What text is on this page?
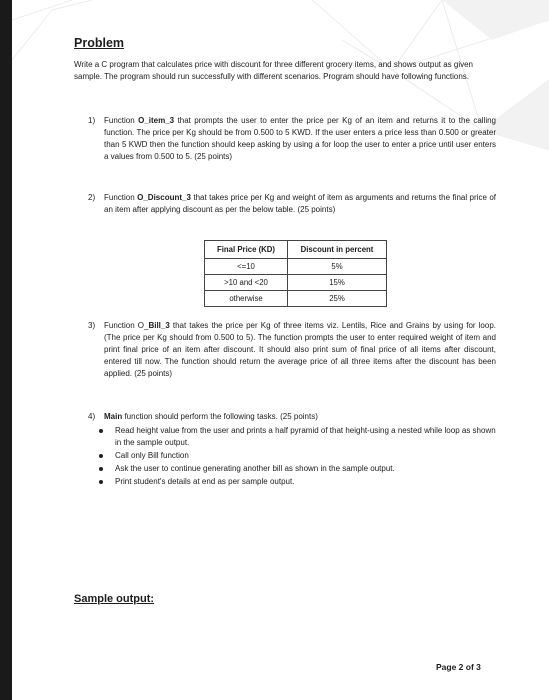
Problem

Write a C program that calculates price with discount for three different grocery items, and shows output as given sample. The program should run successfully with different scenarios. Program should have following functions.

1) Function O_item_3 that prompts the user to enter the price per Kg of an item and returns it to the calling function. The price per Kg should be from 0.500 to 5 KWD. If the user enters a price less than 0.500 or greater than 5 KWD then the function should keep asking by using a for loop the user to enter a price until user enters a values from 0.500 to 5. (25 points)
2) Function O_Discount_3 that takes price per Kg and weight of item as arguments and returns the final price of an item after applying discount as per the below table. (25 points)
Final Price (KD)	Discount in percent
<=10	5%
>10 and <20	15%
otherwise	25%
3) Function O_Bill_3 that takes the price per Kg of three items viz. Lentils, Rice and Grains by using for loop. (The price per Kg should from 0.500 to 5). The function prompts the user to enter required weight of item and print final price of an item after discount. It should also print sum of final price of all items after discount, entered till now. The function should return the average price of all three items after the discount has been applied. (25 points)
4) Main function should perform the following tasks. (25 points)
Read height value from the user and prints a half pyramid of that height-using a nested while loop as shown in the sample output.
Call only Bill function
Ask the user to continue generating another bill as shown in the sample output.
Print student's details at end as per sample output.
Sample output:
Page 2 of 3
